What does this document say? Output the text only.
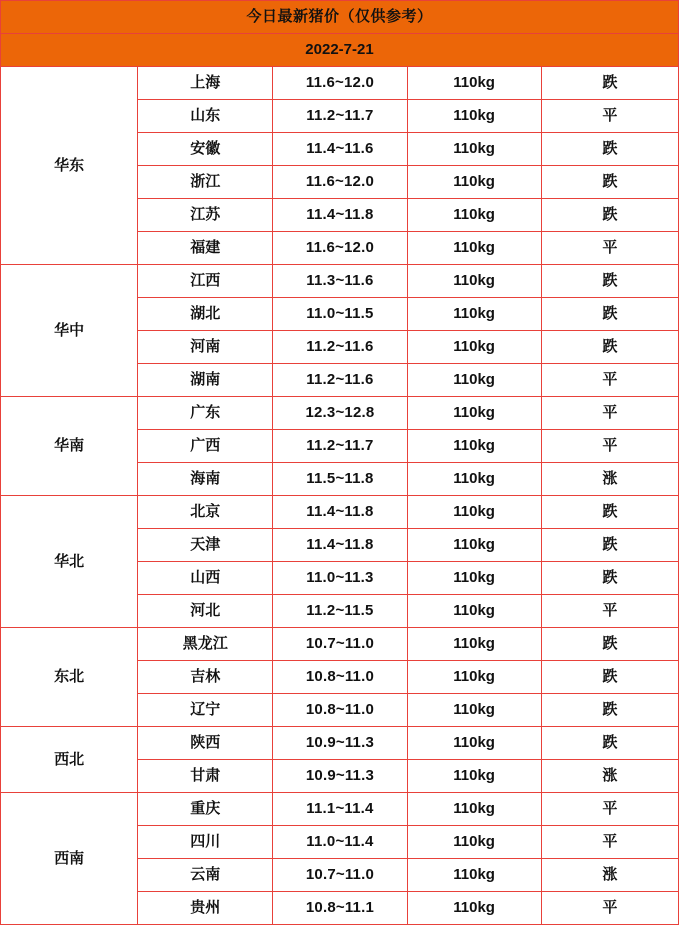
今日最新猪价（仅供参考）				
2022-7-21				
华东	上海	11.6~12.0	110kg	跌
	山东	11.2~11.7	110kg	平
	安徽	11.4~11.6	110kg	跌
	浙江	11.6~12.0	110kg	跌
	江苏	11.4~11.8	110kg	跌
	福建	11.6~12.0	110kg	平
华中	江西	11.3~11.6	110kg	跌
	湖北	11.0~11.5	110kg	跌
	河南	11.2~11.6	110kg	跌
	湖南	11.2~11.6	110kg	平
华南	广东	12.3~12.8	110kg	平
	广西	11.2~11.7	110kg	平
	海南	11.5~11.8	110kg	涨
华北	北京	11.4~11.8	110kg	跌
	天津	11.4~11.8	110kg	跌
	山西	11.0~11.3	110kg	跌
	河北	11.2~11.5	110kg	平
东北	黑龙江	10.7~11.0	110kg	跌
	吉林	10.8~11.0	110kg	跌
	辽宁	10.8~11.0	110kg	跌
西北	陕西	10.9~11.3	110kg	跌
	甘肃	10.9~11.3	110kg	涨
西南	重庆	11.1~11.4	110kg	平
	四川	11.0~11.4	110kg	平
	云南	10.7~11.0	110kg	涨
	贵州	10.8~11.1	110kg	平
